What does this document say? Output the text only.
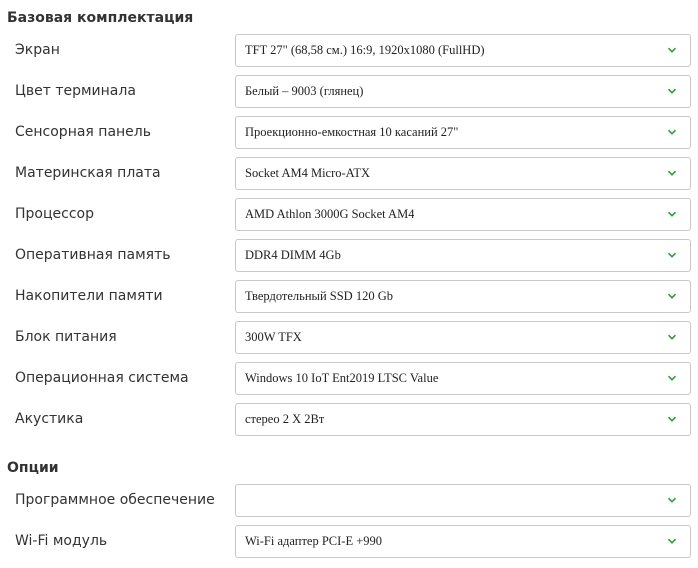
Базовая комплектация
Экран	TFT 27" (68,58 см.) 16:9, 1920x1080 (FullHD)
Цвет терминала	Белый – 9003 (глянец)
Сенсорная панель	Проекционно-емкостная 10 касаний 27"
Материнская плата	Socket AM4 Micro-ATX
Процессор	AMD Athlon 3000G Socket AM4
Оперативная память	DDR4 DIMM 4Gb
Накопители памяти	Твердотельный SSD 120 Gb
Блок питания	300W TFX
Операционная система	Windows 10 IoT Ent2019 LTSC Value
Акустика	стерео 2 Х 2Вт
Опции
Программное обеспечение
Wi-Fi модуль	Wi-Fi адаптер PCI-E +990
